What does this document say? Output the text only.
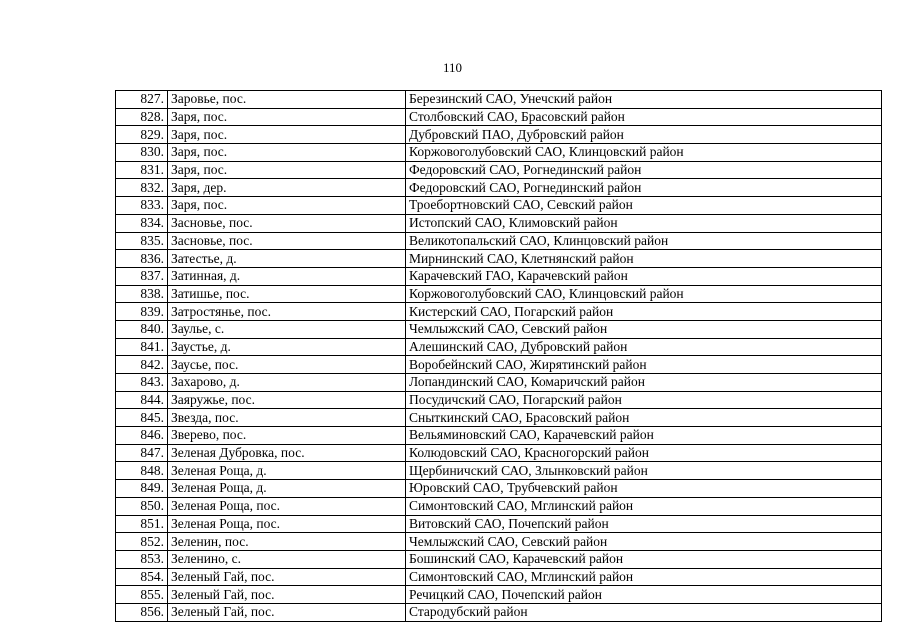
110
827.	Заровье, пос.	Березинский САО, Унечский район
828.	Заря, пос.	Столбовский САО, Брасовский район
829.	Заря, пос.	Дубровский ПАО, Дубровский район
830.	Заря, пос.	Коржовоголубовский САО, Клинцовский район
831.	Заря, пос.	Федоровский САО, Рогнединский район
832.	Заря, дер.	Федоровский САО, Рогнединский район
833.	Заря, пос.	Троебортновский САО, Севский район
834.	Засновье, пос.	Истопский САО, Климовский район
835.	Засновье, пос.	Великотопальский САО, Клинцовский район
836.	Затестье, д.	Мирнинский САО, Клетнянский район
837.	Затинная, д.	Карачевский ГАО, Карачевский район
838.	Затишье, пос.	Коржовоголубовский САО, Клинцовский район
839.	Затростянье, пос.	Кистерский САО, Погарский район
840.	Заулье, с.	Чемлыжский САО, Севский район
841.	Заустье, д.	Алешинский САО, Дубровский район
842.	Заусье, пос.	Воробейнский САО, Жирятинский район
843.	Захарово, д.	Лопандинский САО, Комаричский район
844.	Заяружье, пос.	Посудичский САО, Погарский район
845.	Звезда, пос.	Сныткинский САО, Брасовский район
846.	Зверево, пос.	Вельяминовский САО, Карачевский район
847.	Зеленая Дубровка, пос.	Колюдовский САО, Красногорский район
848.	Зеленая Роща, д.	Щербиничский САО, Злынковский район
849.	Зеленая Роща, д.	Юровский САО, Трубчевский район
850.	Зеленая Роща, пос.	Симонтовский САО, Мглинский район
851.	Зеленая Роща, пос.	Витовский САО, Почепский район
852.	Зеленин, пос.	Чемлыжский САО, Севский район
853.	Зеленино, с.	Бошинский САО, Карачевский район
854.	Зеленый Гай, пос.	Симонтовский САО, Мглинский район
855.	Зеленый Гай, пос.	Речицкий САО, Почепский район
856.	Зеленый Гай, пос.	Стародубский район
